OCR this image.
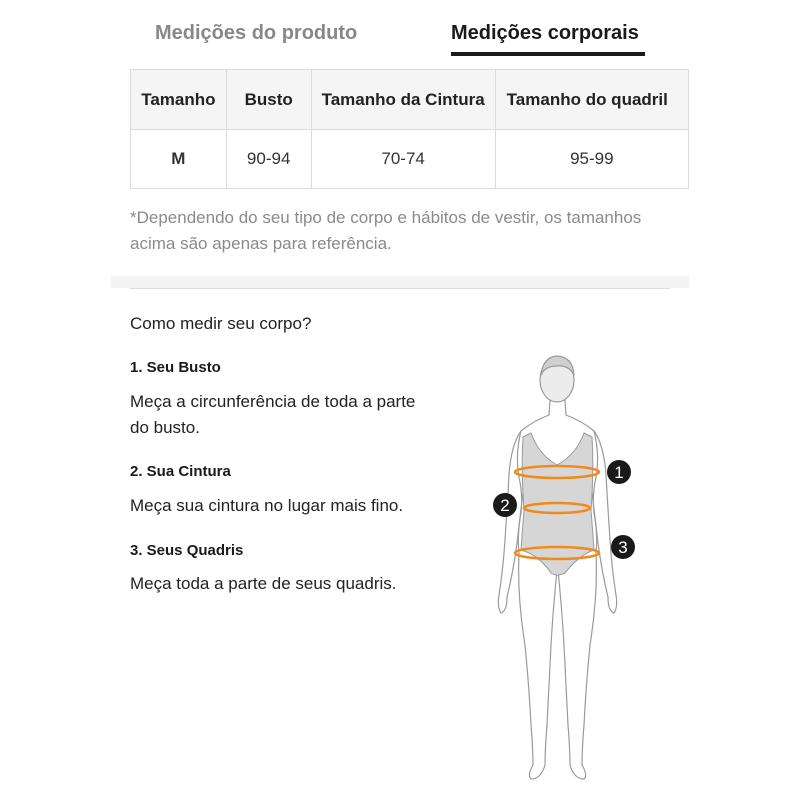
Medições do produto	Medições corporais
Tamanho	Busto	Tamanho da Cintura	Tamanho do quadril
M	90-94	70-74	95-99
*Dependendo do seu tipo de corpo e hábitos de vestir, os tamanhos acima são apenas para referência.
Como medir seu corpo?
1. Seu Busto
Meça a circunferência de toda a parte do busto.
2. Sua Cintura
Meça sua cintura no lugar mais fino.
3. Seus Quadris
Meça toda a parte de seus quadris.
1
2
3
